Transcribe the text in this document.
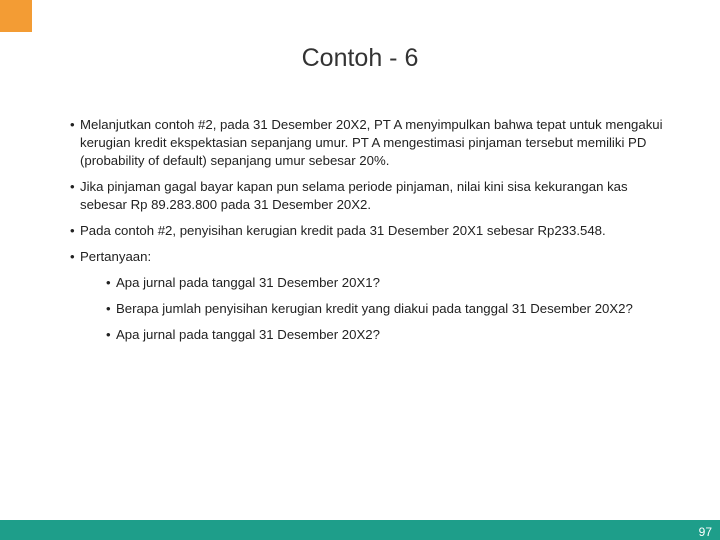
Contoh - 6
• Melanjutkan contoh #2, pada 31 Desember 20X2, PT A menyimpulkan bahwa tepat untuk mengakui kerugian kredit ekspektasian sepanjang umur. PT A mengestimasi pinjaman tersebut memiliki PD (probability of default) sepanjang umur sebesar 20%.
• Jika pinjaman gagal bayar kapan pun selama periode pinjaman, nilai kini sisa kekurangan kas sebesar Rp 89.283.800 pada 31 Desember 20X2.
• Pada contoh #2, penyisihan kerugian kredit pada 31 Desember 20X1 sebesar Rp233.548.
• Pertanyaan:
• Apa jurnal pada tanggal 31 Desember 20X1?
• Berapa jumlah penyisihan kerugian kredit yang diakui pada tanggal 31 Desember 20X2?
• Apa jurnal pada tanggal 31 Desember 20X2?
97
